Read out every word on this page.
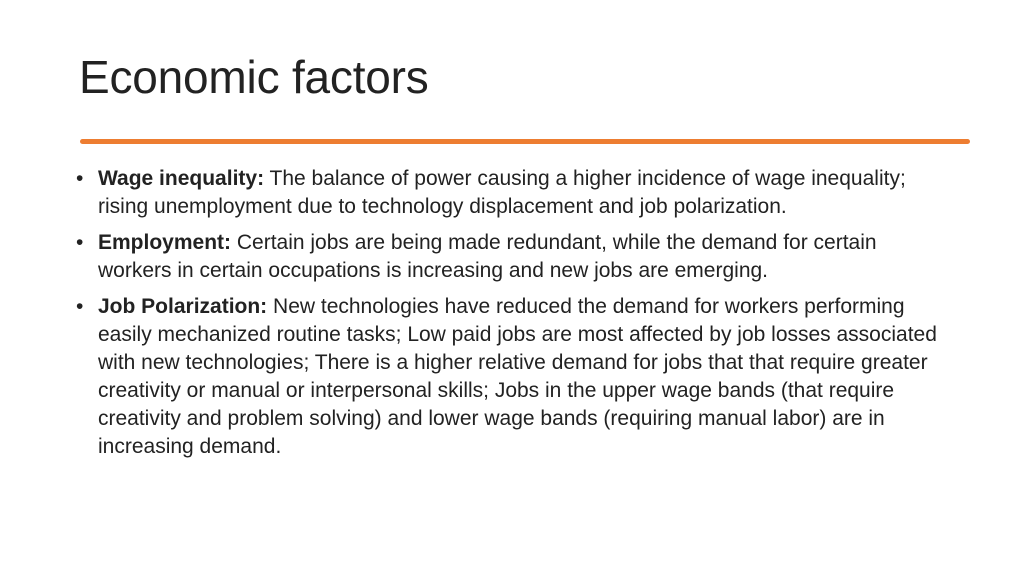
Economic factors
• Wage inequality: The balance of power causing a higher incidence of wage inequality; rising unemployment due to technology displacement and job polarization.
• Employment: Certain jobs are being made redundant, while the demand for certain workers in certain occupations is increasing and new jobs are emerging.
• Job Polarization: New technologies have reduced the demand for workers performing easily mechanized routine tasks; Low paid jobs are most affected by job losses associated with new technologies; There is a higher relative demand for jobs that that require greater creativity or manual or interpersonal skills; Jobs in the upper wage bands (that require creativity and problem solving) and lower wage bands (requiring manual labor) are in increasing demand.
